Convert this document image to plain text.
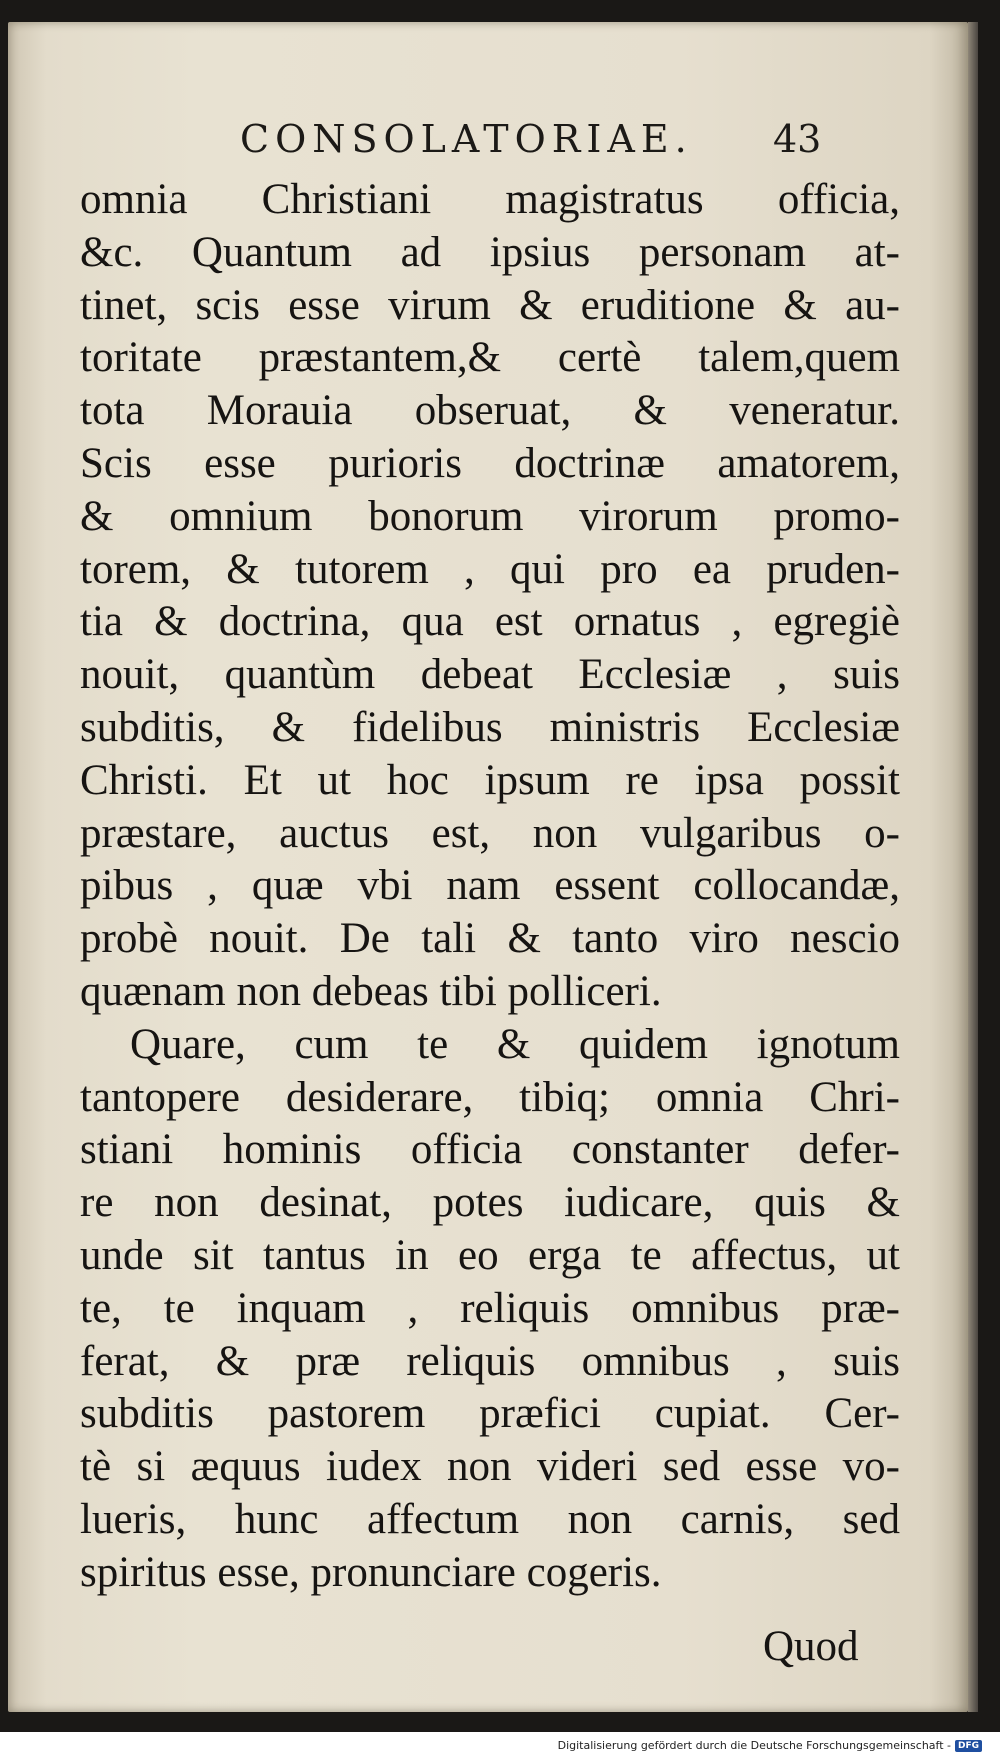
CONSOLATORIAE. 43
omnia Christiani magistratus officia,
&c. Quantum ad ipsius personam at-
tinet, scis esse virum & eruditione & au-
toritate præstantem,& certè talem,quem
tota Morauia obseruat, & veneratur.
Scis esse purioris doctrinæ amatorem,
& omnium bonorum virorum promo-
torem, & tutorem , qui pro ea pruden-
tia & doctrina, qua est ornatus , egregiè
nouit, quantùm debeat Ecclesiæ , suis
subditis, & fidelibus ministris Ecclesiæ
Christi. Et ut hoc ipsum re ipsa possit
præstare, auctus est, non vulgaribus o-
pibus , quæ vbi nam essent collocandæ,
probè nouit. De tali & tanto viro nescio
quænam non debeas tibi polliceri.
Quare, cum te & quidem ignotum
tantopere desiderare, tibiq; omnia Chri-
stiani hominis officia constanter defer-
re non desinat, potes iudicare, quis &
unde sit tantus in eo erga te affectus, ut
te, te inquam , reliquis omnibus præ-
ferat, & præ reliquis omnibus , suis
subditis pastorem præfici cupiat. Cer-
tè si æquus iudex non videri sed esse vo-
lueris, hunc affectum non carnis, sed
spiritus esse, pronunciare cogeris.
Quod
Digitalisierung gefördert durch die Deutsche Forschungsgemeinschaft - DFG
